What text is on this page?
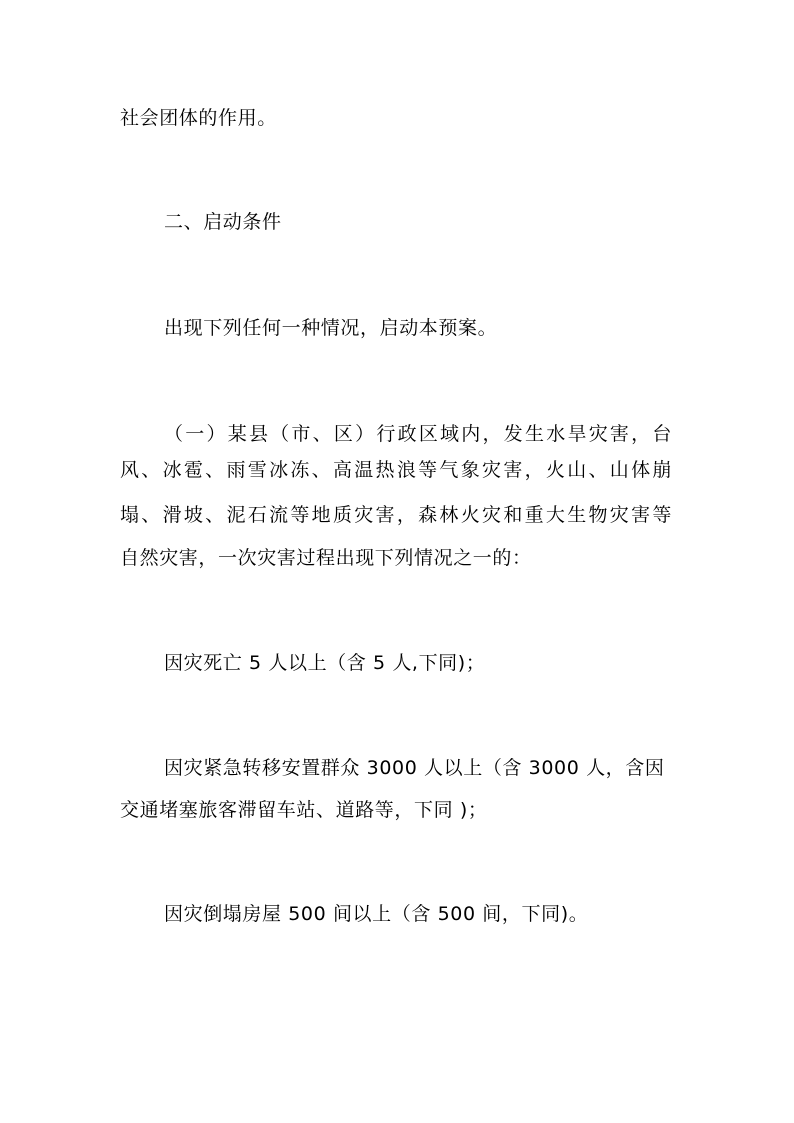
社会团体的作用。
二、启动条件
出现下列任何一种情况，启动本预案。
（一）某县（市、区）行政区域内，发生水旱灾害，台
风、冰雹、雨雪冰冻、高温热浪等气象灾害，火山、山体崩
塌、滑坡、泥石流等地质灾害，森林火灾和重大生物灾害等
自然灾害，一次灾害过程出现下列情况之一的：
因灾死亡 5 人以上（含 5 人,下同)；
因灾紧急转移安置群众 3000 人以上（含 3000 人，含因
交通堵塞旅客滞留车站、道路等，下同 )；
因灾倒塌房屋 500 间以上（含 500 间，下同)。
